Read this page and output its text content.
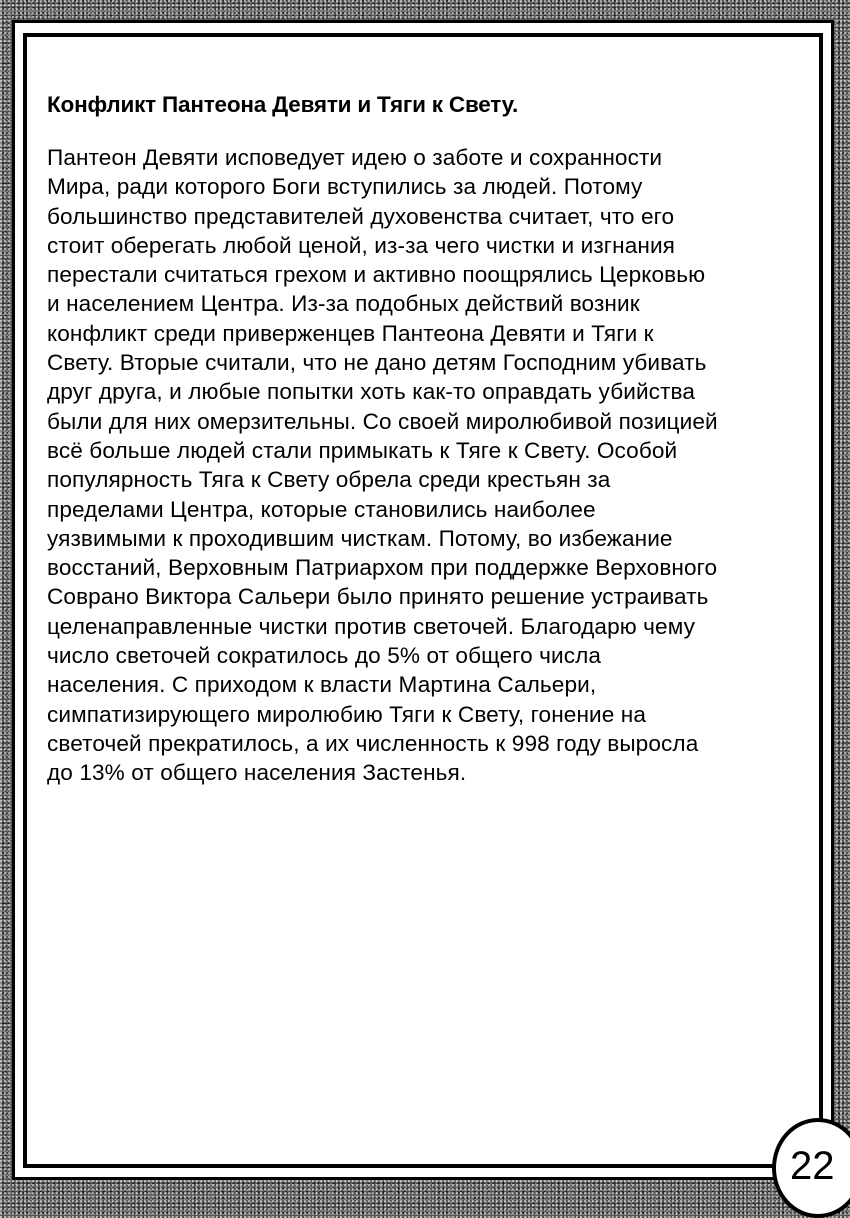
Конфликт Пантеона Девяти и Тяги к Свету.

Пантеон Девяти исповедует идею о заботе и сохранности
Мира, ради которого Боги вступились за людей. Потому
большинство представителей духовенства считает, что его
стоит оберегать любой ценой, из-за чего чистки и изгнания
перестали считаться грехом и активно поощрялись Церковью
и населением Центра. Из-за подобных действий возник
конфликт среди приверженцев Пантеона Девяти и Тяги к
Свету. Вторые считали, что не дано детям Господним убивать
друг друга, и любые попытки хоть как-то оправдать убийства
были для них омерзительны. Со своей миролюбивой позицией
всё больше людей стали примыкать к Тяге к Свету. Особой
популярность Тяга к Свету обрела среди крестьян за
пределами Центра, которые становились наиболее
уязвимыми к проходившим чисткам. Потому, во избежание
восстаний, Верховным Патриархом при поддержке Верховного
Соврано Виктора Сальери было принято решение устраивать
целенаправленные чистки против светочей. Благодарю чему
число светочей сократилось до 5% от общего числа
населения. С приходом к власти Мартина Сальери,
симпатизирующего миролюбию Тяги к Свету, гонение на
светочей прекратилось, а их численность к 998 году выросла
до 13% от общего населения Застенья.

22
